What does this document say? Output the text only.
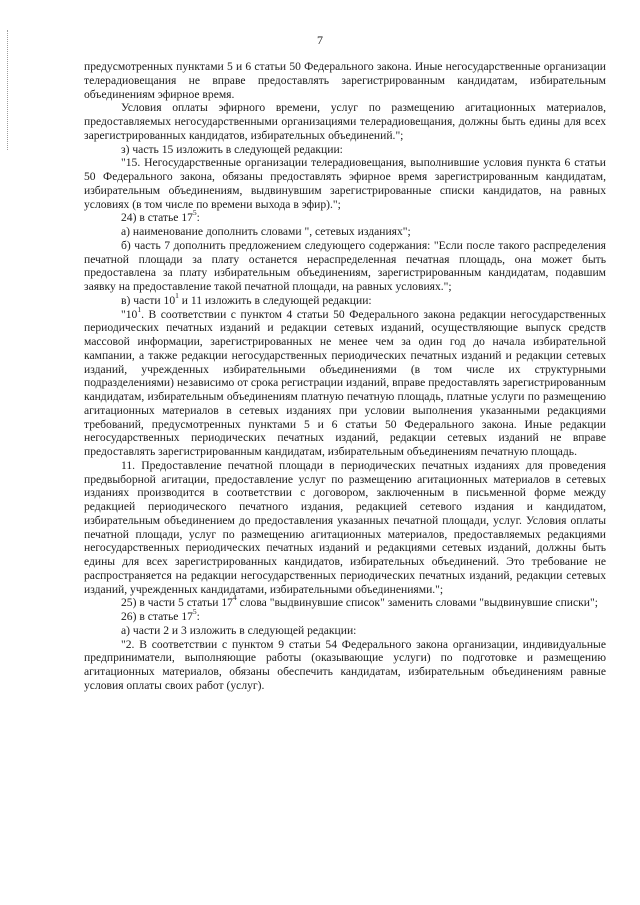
7

предусмотренных пунктами 5 и 6 статьи 50 Федерального закона. Иные негосударственные организации телерадиовещания не вправе предоставлять зарегистрированным кандидатам, избирательным объединениям эфирное время.

Условия оплаты эфирного времени, услуг по размещению агитационных материалов, предоставляемых негосударственными организациями телерадиовещания, должны быть едины для всех зарегистрированных кандидатов, избирательных объединений.";

з) часть 15 изложить в следующей редакции:

"15. Негосударственные организации телерадиовещания, выполнившие условия пункта 6 статьи 50 Федерального закона, обязаны предоставлять эфирное время зарегистрированным кандидатам, избирательным объединениям, выдвинувшим зарегистрированные списки кандидатов, на равных условиях (в том числе по времени выхода в эфир).";

24) в статье $17^5$:

а) наименование дополнить словами ", сетевых изданиях";

б) часть 7 дополнить предложением следующего содержания: "Если после такого распределения печатной площади за плату останется нераспределенная печатная площадь, она может быть предоставлена за плату избирательным объединениям, зарегистрированным кандидатам, подавшим заявку на предоставление такой печатной площади, на равных условиях.";

в) части $10^1$ и 11 изложить в следующей редакции:

"$10^1$. В соответствии с пунктом 4 статьи 50 Федерального закона редакции негосударственных периодических печатных изданий и редакции сетевых изданий, осуществляющие выпуск средств массовой информации, зарегистрированных не менее чем за один год до начала избирательной кампании, а также редакции негосударственных периодических печатных изданий и редакции сетевых изданий, учрежденных избирательными объединениями (в том числе их структурными подразделениями) независимо от срока регистрации изданий, вправе предоставлять зарегистрированным кандидатам, избирательным объединениям платную печатную площадь, платные услуги по размещению агитационных материалов в сетевых изданиях при условии выполнения указанными редакциями требований, предусмотренных пунктами 5 и 6 статьи 50 Федерального закона. Иные редакции негосударственных периодических печатных изданий, редакции сетевых изданий не вправе предоставлять зарегистрированным кандидатам, избирательным объединениям печатную площадь.

11. Предоставление печатной площади в периодических печатных изданиях для проведения предвыборной агитации, предоставление услуг по размещению агитационных материалов в сетевых изданиях производится в соответствии с договором, заключенным в письменной форме между редакцией периодического печатного издания, редакцией сетевого издания и кандидатом, избирательным объединением до предоставления указанных печатной площади, услуг. Условия оплаты печатной площади, услуг по размещению агитационных материалов, предоставляемых редакциями негосударственных периодических печатных изданий и редакциями сетевых изданий, должны быть едины для всех зарегистрированных кандидатов, избирательных объединений. Это требование не распространяется на редакции негосударственных периодических печатных изданий, редакции сетевых изданий, учрежденных кандидатами, избирательными объединениями.";

25) в части 5 статьи $17^4$ слова "выдвинувшие список" заменить словами "выдвинувшие списки";

26) в статье $17^5$:

а) части 2 и 3 изложить в следующей редакции:

"2. В соответствии с пунктом 9 статьи 54 Федерального закона организации, индивидуальные предприниматели, выполняющие работы (оказывающие услуги) по подготовке и размещению агитационных материалов, обязаны обеспечить кандидатам, избирательным объединениям равные условия оплаты своих работ (услуг).
